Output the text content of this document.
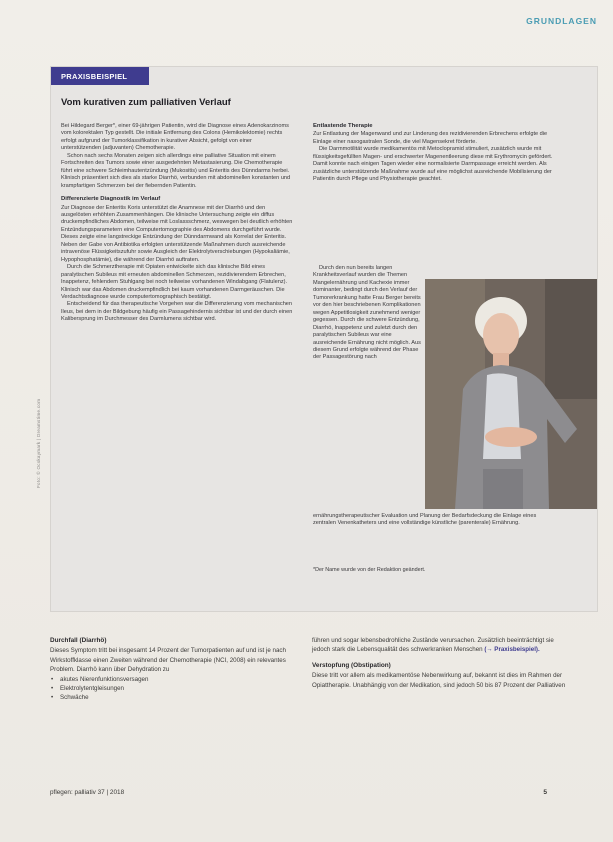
GRUNDLAGEN
PRAXISBEISPIEL
Vom kurativen zum palliativen Verlauf

Bei Hildegard Berger*, einer 69-jährigen Patientin, wird die Diagnose eines Adenokarzinoms vom kolorektalen Typ gestellt. Die initiale Entfernung des Colons (Hemikolektomie) rechts erfolgt aufgrund der Tumorklassifikation in kurativer Absicht, gefolgt von einer unterstützenden (adjuvanten) Chemotherapie.

Schon nach sechs Monaten zeigen sich allerdings eine palliative Situation mit einem Fortschreiten des Tumors sowie einer ausgedehnten Metastasierung. Die Chemotherapie führt eine schwere Schleimhautentzündung (Mukositis) und Enteritis des Dünndarms herbei. Klinisch präsentiert sich dies als starke Diarrhö, verbunden mit abdominellen konstanten und krampfartigen Schmerzen bei der fiebernden Patientin.

Differenzierte Diagnostik im Verlauf

Zur Diagnose der Enteritis Koris unterstützt die Anamnese mit der Diarrhö und den ausgelösten erhöhten Zusammenhängen. Die klinische Untersuchung zeigte ein diffus druckempfindliches Abdomen, teilweise mit Loslassschmerz, weswegen bei deutlich erhöhten Entzündungsparametern eine Computertomographie des Abdomens durchgeführt wurde. Dieses zeigte eine langstreckige Entzündung der Dünndarmwand als Korrelat der Enteritis. Neben der Gabe von Antibiotika erfolgten unterstützende Maßnahmen durch ausreichende intravenöse Flüssigkeitszufuhr sowie Ausgleich der Elektrolytverschiebungen (Hypokaliämie, Hypophosphatämie), die während der Diarrhö auftraten.

Durch die Schmerztherapie mit Opiaten entwickelte sich das klinische Bild eines paralytischen Subileus mit erneuten abdominellen Schmerzen, rezidivierendem Erbrechen, Inappetenz, fehlendem Stuhlgang bei noch teilweise vorhandenen Windabgang (Flatulenz). Klinisch war das Abdomen druckempfindlich bei kaum vorhandenen Darmgeräuschen. Die Verdachtsdiagnose wurde computertomographisch bestätigt.

Entscheidend für das therapeutische Vorgehen war die Differenzierung vom mechanischen Ileus, bei dem in der Bildgebung häufig ein Passagehindernis sichtbar ist und der durch einen Kalibersprung im Durchmesser des Darmlumens sichtbar wird.

Entlastende Therapie

Zur Entlastung der Magenwand und zur Linderung des rezidivierenden Erbrechens erfolgte die Einlage einer nasogastralen Sonde, die viel Magensekret förderte.

Die Darmmotilität wurde medikamentös mit Metoclopramid stimuliert, zusätzlich wurde mit flüssigkeitsgefüllten Magen- und erschwerter Magenentleerung diese mit Erythromycin gefördert. Damit konnte nach einigen Tagen wieder eine normalisierte Darmpassage erreicht werden. Als zusätzliche unterstützende Maßnahme wurde auf eine möglichst ausreichende Mobilisierung der Patientin durch Pflege und Physiotherapie geachtet.

Durch den nun bereits langen Krankheitsverlauf wurden die Themen Mangelernährung und Kachexie immer dominanter, bedingt durch den Verlauf der Tumorerkrankung hatte Frau Berger bereits vor den hier beschriebenen Komplikationen wegen Appetitlosigkeit zunehmend weniger gegessen. Durch die schwere Entzündung, Diarrhö, Inappetenz und zuletzt durch den paralytischen Subileus war eine ausreichende Ernährung nicht möglich. Aus diesem Grund erfolgte während der Phase der Passagestörung nach

ernährungstherapeutischer Evaluation und Planung der Bedarfsdeckung die Einlage eines zentralen Venenkatheters und eine vollständige künstliche (parenterale) Ernährung.

*Der Name wurde von der Redaktion geändert.
Foto: © Ocskaymark | Dreamstime.com
Durchfall (Diarrhö)

Dieses Symptom tritt bei insgesamt 14 Prozent der Tumorpatienten auf und ist je nach Wirkstoffklasse einen Zweiten während der Chemotherapie (NCI, 2008) ein relevantes Problem. Diarrhö kann über Dehydration zu

• akutes Nierenfunktionsversagen
• Elektrolytentgleisungen
• Schwäche

führen und sogar lebensbedrohliche Zustände verursachen. Zusätzlich beeinträchtigt sie jedoch stark die Lebensqualität des schwerkranken Menschen (→ Praxisbeispiel).

Verstopfung (Obstipation)

Diese tritt vor allem als medikamentöse Nebenwirkung auf, bekannt ist dies im Rahmen der Opiattherapie. Unabhängig von der Medikation, sind jedoch 50 bis 87 Prozent der Palliativen

pflegen: palliativ 37 | 2018	5
